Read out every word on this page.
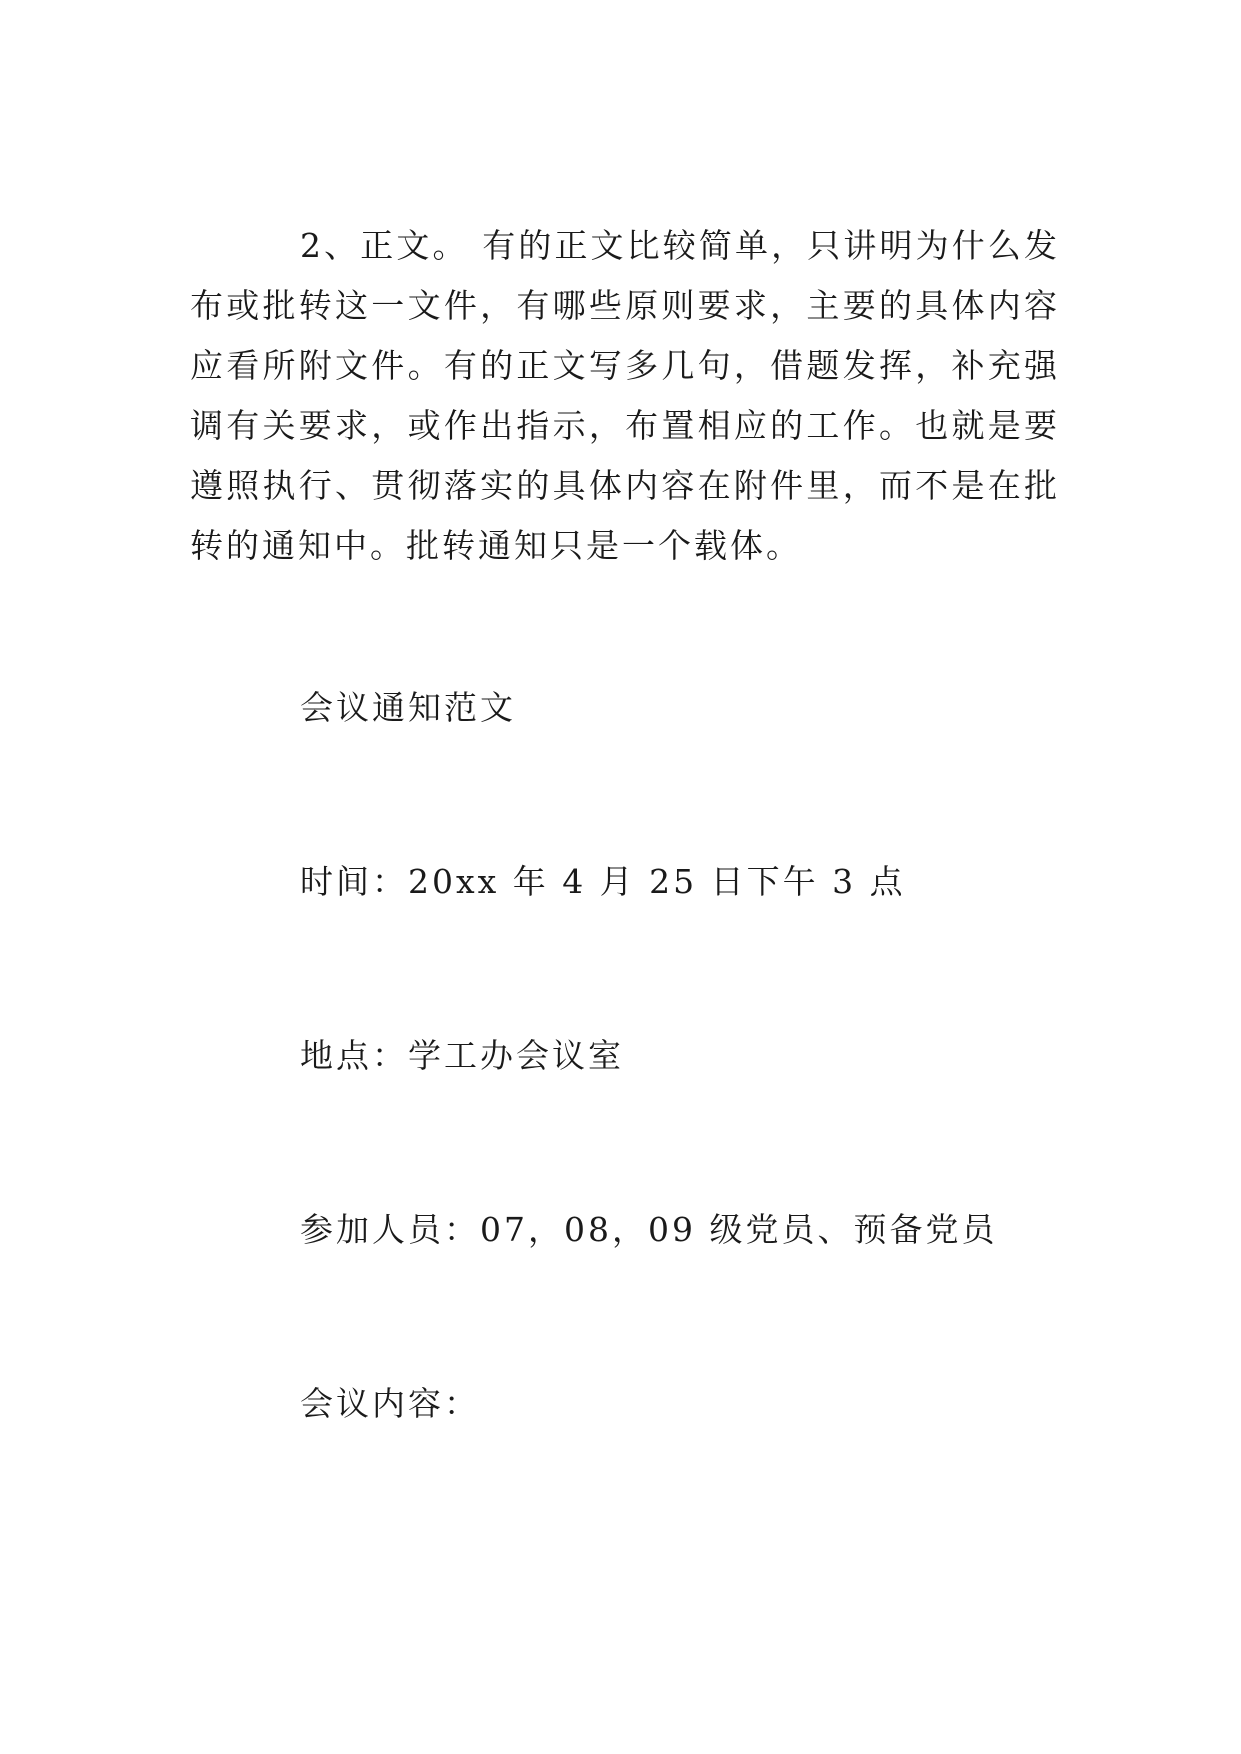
2、正文。 有的正文比较简单，只讲明为什么发布或批转这一文件，有哪些原则要求，主要的具体内容应看所附文件。有的正文写多几句，借题发挥，补充强调有关要求，或作出指示，布置相应的工作。也就是要遵照执行、贯彻落实的具体内容在附件里，而不是在批转的通知中。批转通知只是一个载体。

会议通知范文

时间：20xx 年 4 月 25 日下午 3 点

地点：学工办会议室

参加人员：07，08，09 级党员、预备党员

会议内容：
